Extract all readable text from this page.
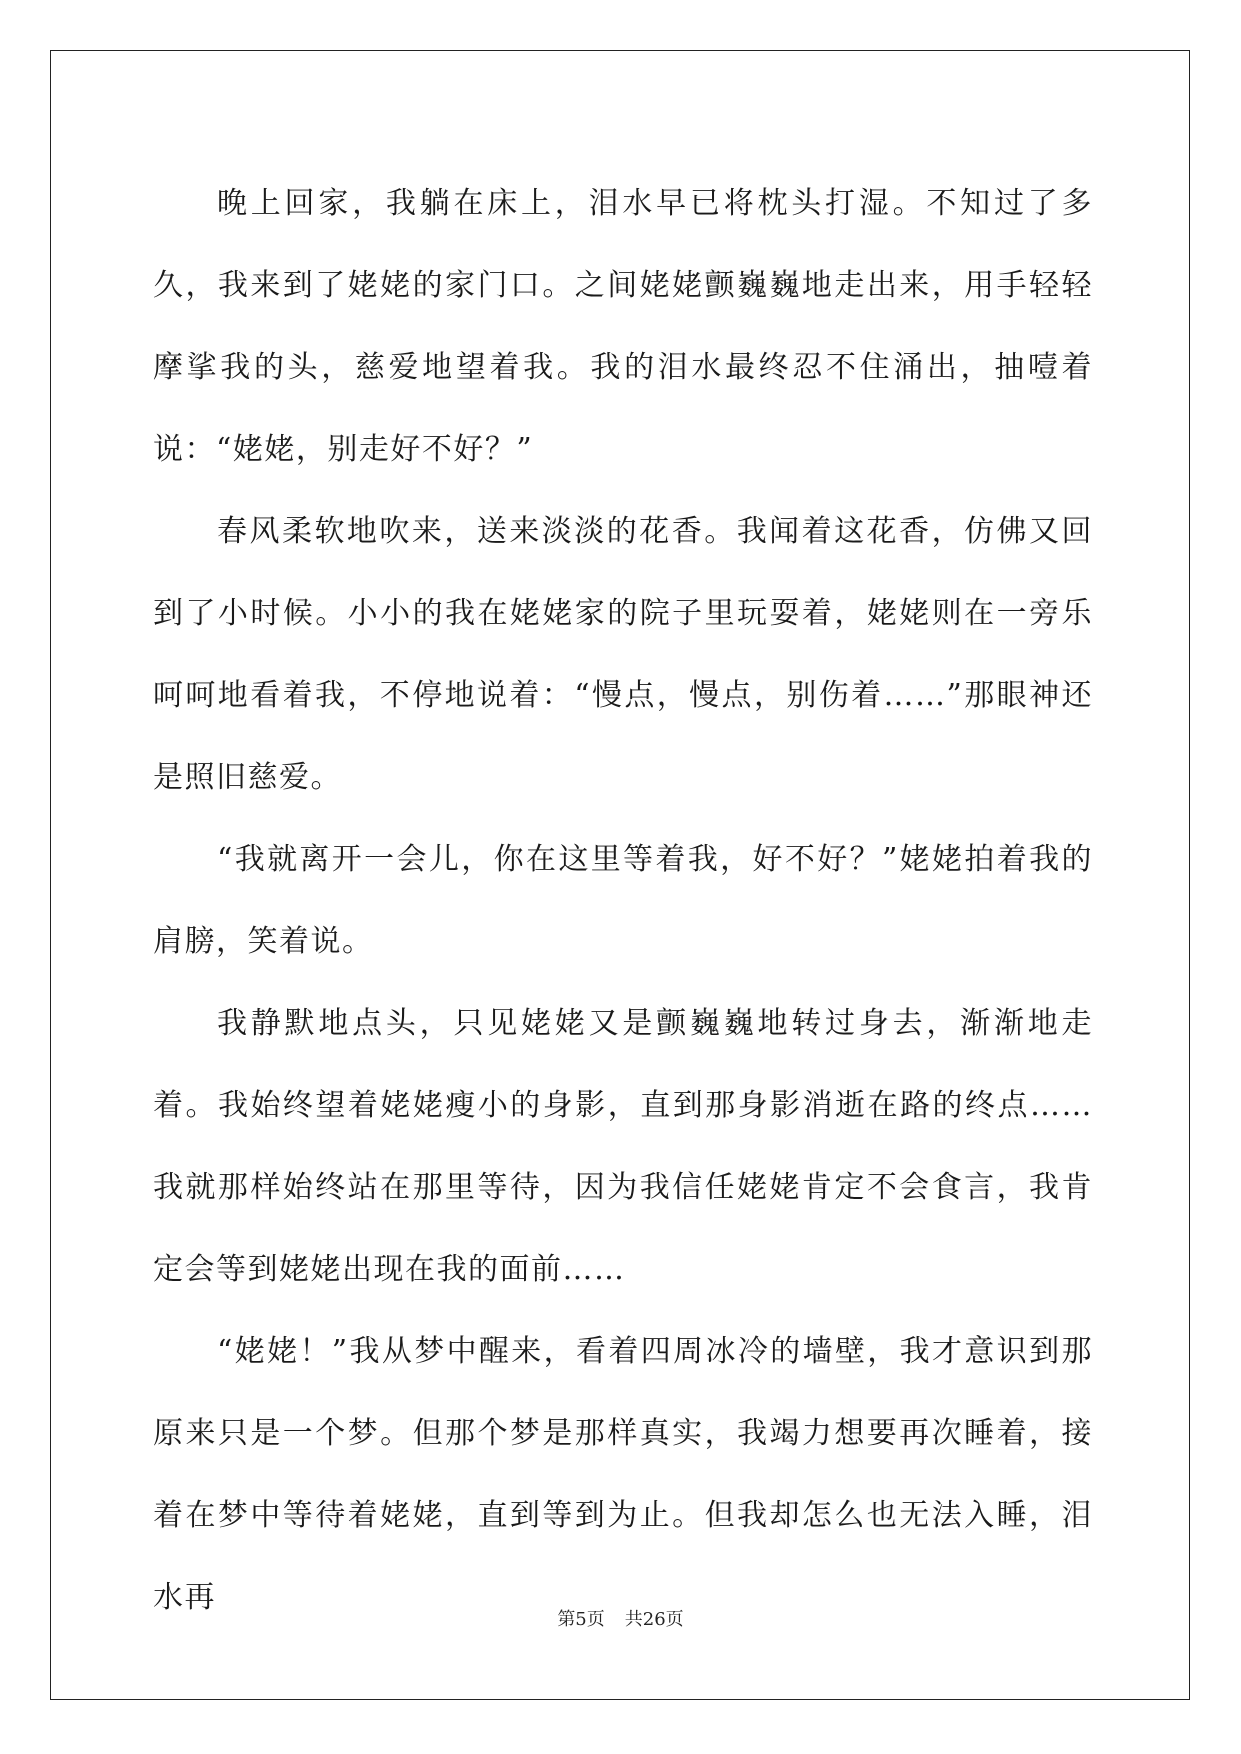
晚上回家，我躺在床上，泪水早已将枕头打湿。不知过了多久，我来到了姥姥的家门口。之间姥姥颤巍巍地走出来，用手轻轻摩挲我的头，慈爱地望着我。我的泪水最终忍不住涌出，抽噎着说：“姥姥，别走好不好？”

春风柔软地吹来，送来淡淡的花香。我闻着这花香，仿佛又回到了小时候。小小的我在姥姥家的院子里玩耍着，姥姥则在一旁乐呵呵地看着我，不停地说着：“慢点，慢点，别伤着……”那眼神还是照旧慈爱。

“我就离开一会儿，你在这里等着我，好不好？”姥姥拍着我的肩膀，笑着说。

我静默地点头，只见姥姥又是颤巍巍地转过身去，渐渐地走着。我始终望着姥姥瘦小的身影，直到那身影消逝在路的终点……我就那样始终站在那里等待，因为我信任姥姥肯定不会食言，我肯定会等到姥姥出现在我的面前……

“姥姥！”我从梦中醒来，看着四周冰冷的墙壁，我才意识到那原来只是一个梦。但那个梦是那样真实，我竭力想要再次睡着，接着在梦中等待着姥姥，直到等到为止。但我却怎么也无法入睡，泪水再

第5页 共26页
